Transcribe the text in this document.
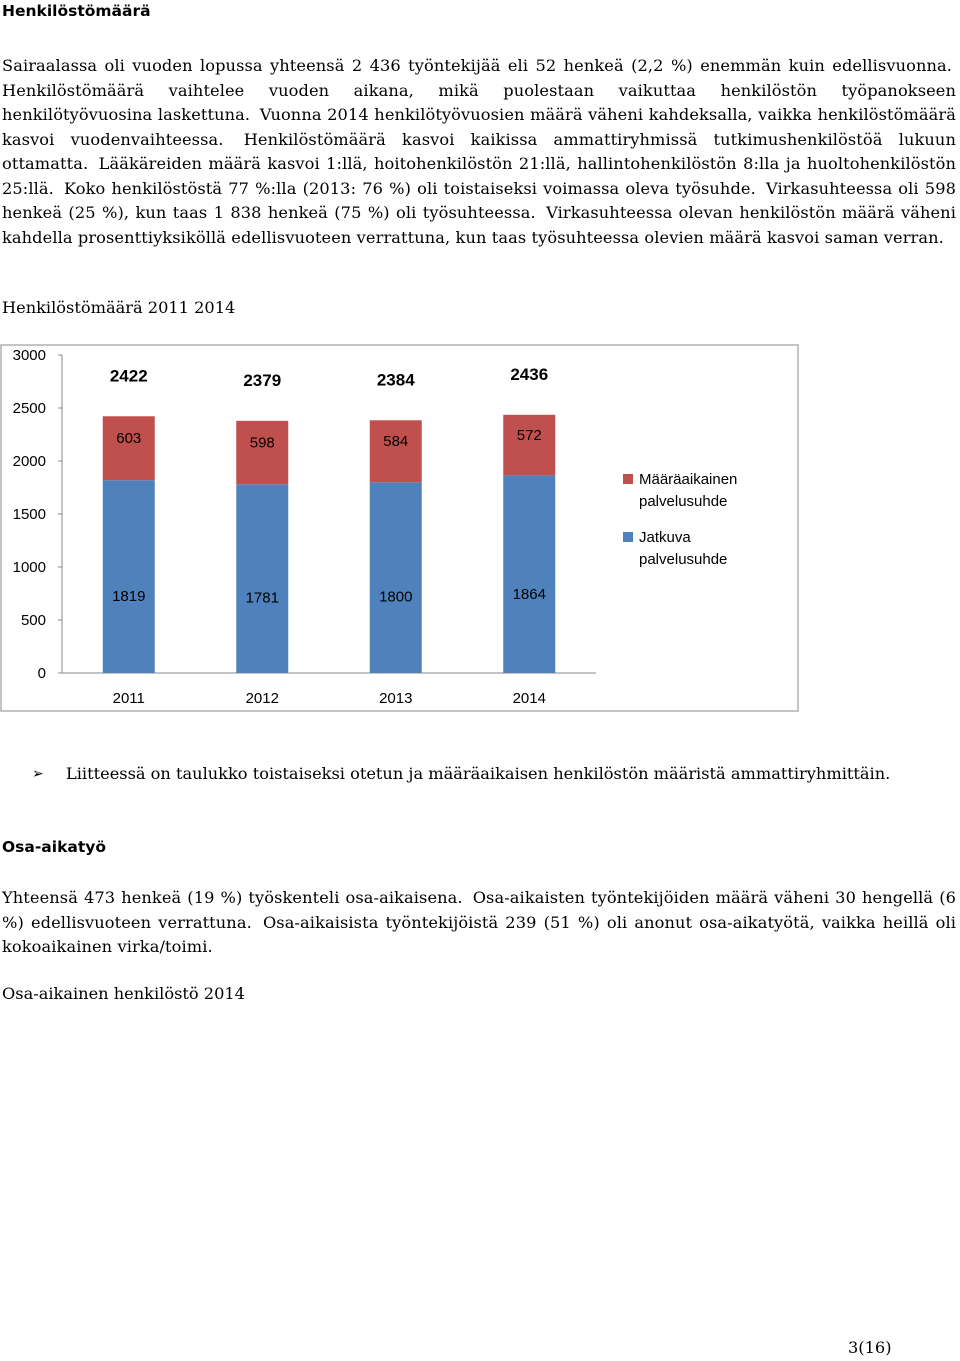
Henkilöstömäärä

Sairaalassa oli vuoden lopussa yhteensä 2 436 työntekijää eli 52 henkeä (2,2 %) enemmän kuin edellisvuonna. Henkilöstömäärä vaihtelee vuoden aikana, mikä puolestaan vaikuttaa henkilöstön työpanokseen henkilötyövuosina laskettuna. Vuonna 2014 henkilötyövuosien määrä väheni kahdeksalla, vaikka henkilöstömäärä kasvoi vuodenvaihteessa. Henkilöstömäärä kasvoi kaikissa ammattiryhmissä tutkimushenkilöstöä lukuun ottamatta. Lääkäreiden määrä kasvoi 1:llä, hoitohenkilöstön 21:llä, hallintohenkilöstön 8:lla ja huoltohenkilöstön 25:llä. Koko henkilöstöstä 77 %:lla (2013: 76 %) oli toistaiseksi voimassa oleva työsuhde. Virkasuhteessa oli 598 henkeä (25 %), kun taas 1 838 henkeä (75 %) oli työsuhteessa. Virkasuhteessa olevan henkilöstön määrä väheni kahdella prosenttiyksiköllä edellisvuoteen verrattuna, kun taas työsuhteessa olevien määrä kasvoi saman verran.

Henkilöstömäärä 2011 2014

0
500
1000
1500
2000
2500
3000
2011	2012	2013	2014
1819
603
2422
1781
598
2379
1800
584
2384
1864
572
2436
Määräaikainen palvelusuhde
Jatkuva palvelusuhde
➢	Liitteessä on taulukko toistaiseksi otetun ja määräaikaisen henkilöstön määristä ammattiryhmittäin.
Osa-aikatyö

Yhteensä 473 henkeä (19 %) työskenteli osa-aikaisena. Osa-aikaisten työntekijöiden määrä väheni 30 hengellä (6 %) edellisvuoteen verrattuna. Osa-aikaisista työntekijöistä 239 (51 %) oli anonut osa-aikatyötä, vaikka heillä oli kokoaikainen virka/toimi.

Osa-aikainen henkilöstö 2014

3(16)
